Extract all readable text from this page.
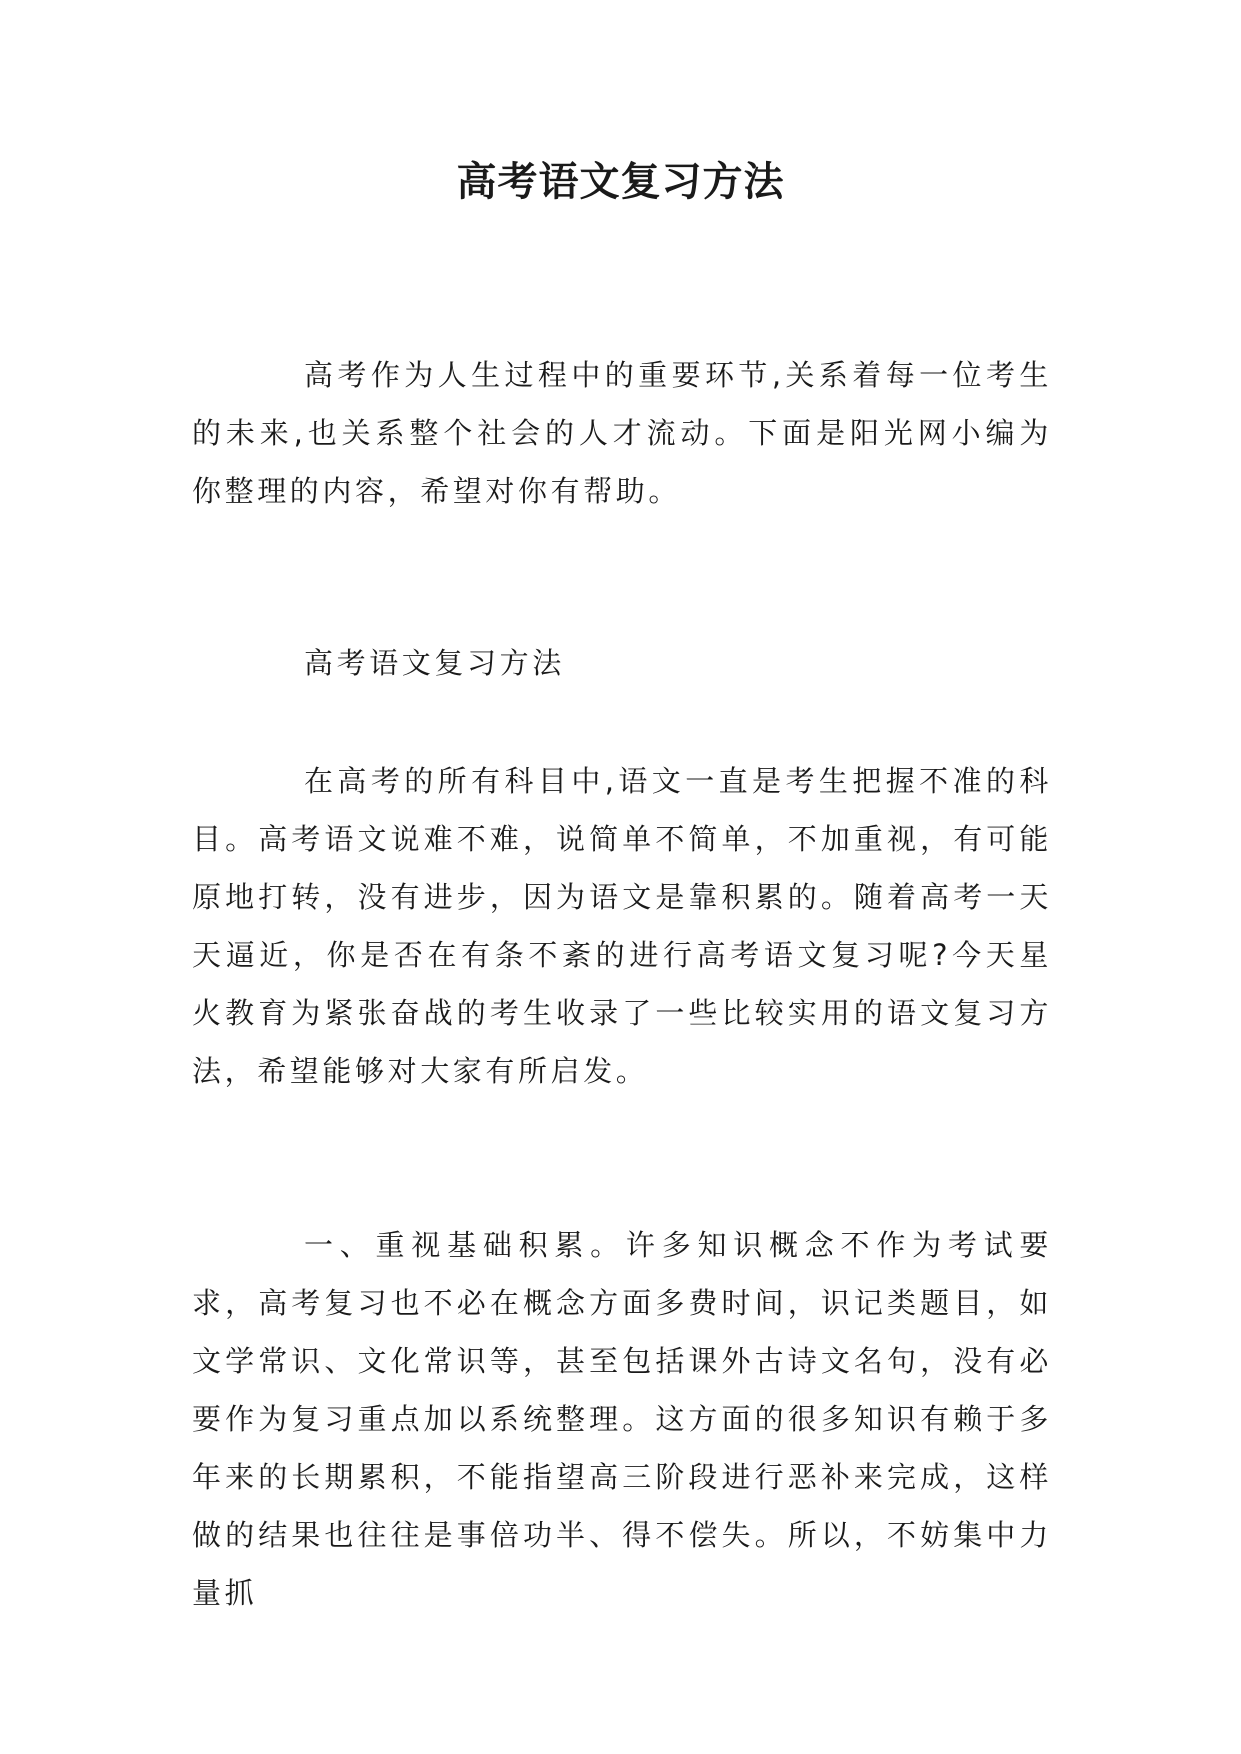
高考语文复习方法

高考作为人生过程中的重要环节,关系着每一位考生的未来,也关系整个社会的人才流动。下面是阳光网小编为你整理的内容，希望对你有帮助。

高考语文复习方法

在高考的所有科目中,语文一直是考生把握不准的科目。高考语文说难不难，说简单不简单，不加重视，有可能原地打转，没有进步，因为语文是靠积累的。随着高考一天天逼近，你是否在有条不紊的进行高考语文复习呢?今天星火教育为紧张奋战的考生收录了一些比较实用的语文复习方法，希望能够对大家有所启发。

一、重视基础积累。许多知识概念不作为考试要求，高考复习也不必在概念方面多费时间，识记类题目，如文学常识、文化常识等，甚至包括课外古诗文名句，没有必要作为复习重点加以系统整理。这方面的很多知识有赖于多年来的长期累积，不能指望高三阶段进行恶补来完成，这样做的结果也往往是事倍功半、得不偿失。所以，不妨集中力量抓
